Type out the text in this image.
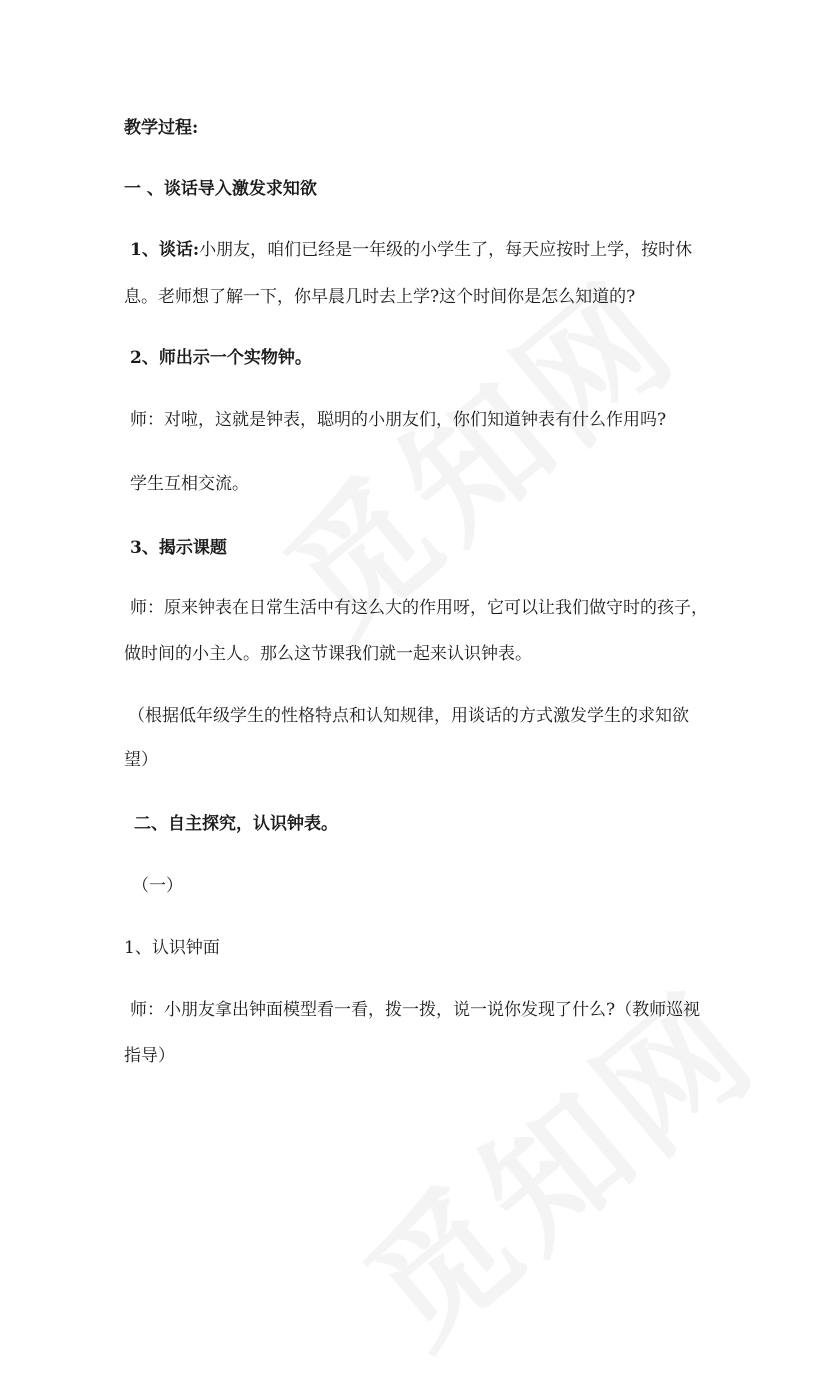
教学过程:
一 、谈话导入激发求知欲
1、谈话:小朋友，咱们已经是一年级的小学生了，每天应按时上学，按时休
息。老师想了解一下，你早晨几时去上学?这个时间你是怎么知道的?
2、师出示一个实物钟。
师：对啦，这就是钟表，聪明的小朋友们，你们知道钟表有什么作用吗?
学生互相交流。
3、揭示课题
师：原来钟表在日常生活中有这么大的作用呀，它可以让我们做守时的孩子，
做时间的小主人。那么这节课我们就一起来认识钟表。
（根据低年级学生的性格特点和认知规律，用谈话的方式激发学生的求知欲
望）
二、自主探究，认识钟表。
（一）
1、认识钟面
师：小朋友拿出钟面模型看一看，拨一拨，说一说你发现了什么?（教师巡视
指导）
